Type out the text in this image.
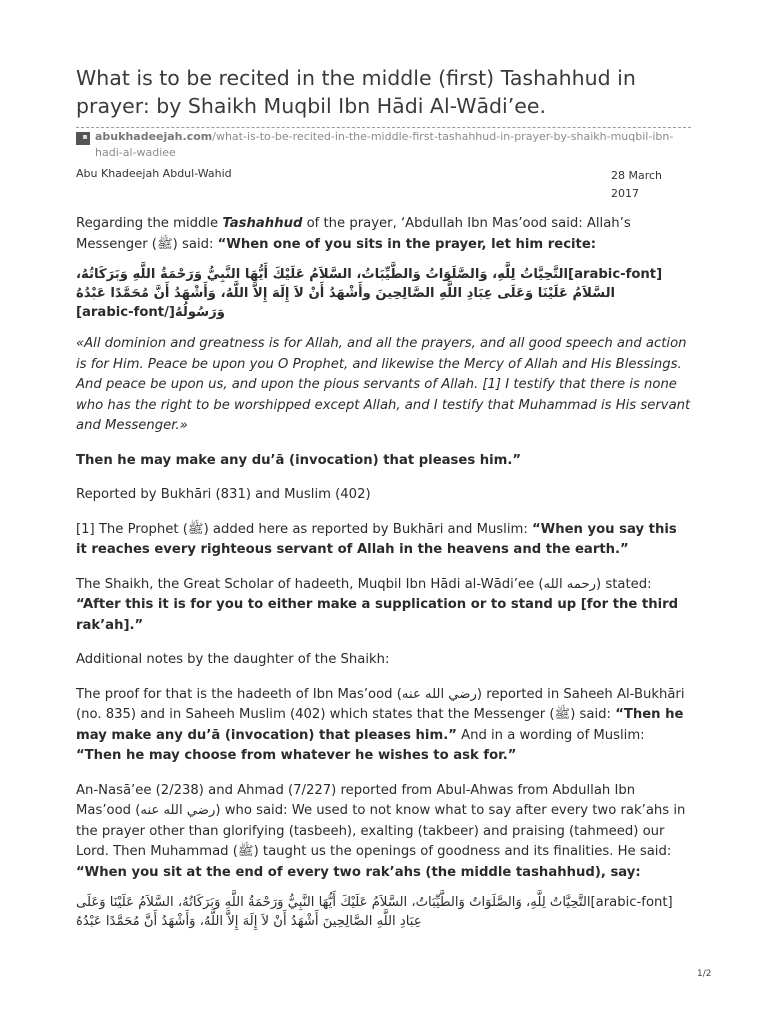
What is to be recited in the middle (first) Tashahhud in prayer: by Shaikh Muqbil Ibn Hādi Al-Wādi’ee.
abukhadeejah.com/what-is-to-be-recited-in-the-middle-first-tashahhud-in-prayer-by-shaikh-muqbil-ibn-hadi-al-wadiee
Abu Khadeejah Abdul-Wahid	28 March 2017

Regarding the middle Tashahhud of the prayer, ‘Abdullah Ibn Mas’ood said: Allah’s Messenger (ﷺ) said: “When one of you sits in the prayer, let him recite:

[arabic-font]التَّحِيَّاتُ لِلَّهِ، وَالصَّلَوَاتُ وَالطَّيِّبَاتُ، السَّلاَمُ عَلَيْكَ أَيُّهَا النَّبِيُّ وَرَحْمَةُ اللَّهِ وَبَرَكَاتُهُ، السَّلاَمُ عَلَيْنَا وَعَلَى عِبَادِ اللَّهِ الصَّالِحِينَ وأَشْهَدُ أَنْ لاَ إِلَهَ إِلاَّ اللَّهُ، وَأَشْهَدُ أَنَّ مُحَمَّدًا عَبْدُهُ وَرَسُولُهُ[/arabic-font]

«All dominion and greatness is for Allah, and all the prayers, and all good speech and action is for Him. Peace be upon you O Prophet, and likewise the Mercy of Allah and His Blessings. And peace be upon us, and upon the pious servants of Allah. [1] I testify that there is none who has the right to be worshipped except Allah, and I testify that Muhammad is His servant and Messenger.»

Then he may make any du’ā (invocation) that pleases him.”

Reported by Bukhāri (831) and Muslim (402)

[1] The Prophet (ﷺ) added here as reported by Bukhāri and Muslim: “When you say this it reaches every righteous servant of Allah in the heavens and the earth.”

The Shaikh, the Great Scholar of hadeeth, Muqbil Ibn Hādi al-Wādi’ee (رحمه الله) stated: “After this it is for you to either make a supplication or to stand up [for the third rak’ah].”

Additional notes by the daughter of the Shaikh:

The proof for that is the hadeeth of Ibn Mas’ood (رضي الله عنه) reported in Saheeh Al-Bukhāri (no. 835) and in Saheeh Muslim (402) which states that the Messenger (ﷺ) said: “Then he may make any du’ā (invocation) that pleases him.” And in a wording of Muslim: “Then he may choose from whatever he wishes to ask for.”

An-Nasā’ee (2/238) and Ahmad (7/227) reported from Abul-Ahwas from Abdullah Ibn Mas’ood (رضي الله عنه) who said: We used to not know what to say after every two rak’ahs in the prayer other than glorifying (tasbeeh), exalting (takbeer) and praising (tahmeed) our Lord. Then Muhammad (ﷺ) taught us the openings of goodness and its finalities. He said: “When you sit at the end of every two rak’ahs (the middle tashahhud), say:

[arabic-font]التَّحِيَّاتُ لِلَّهِ، وَالصَّلَوَاتُ وَالطَّيِّبَاتُ، السَّلاَمُ عَلَيْكَ أَيُّهَا النَّبِيُّ وَرَحْمَةُ اللَّهِ وَبَرَكَاتُهُ، السَّلاَمُ عَلَيْنَا وَعَلَى عِبَادِ اللَّهِ الصَّالِحِينَ أَشْهَدُ أَنْ لاَ إِلَهَ إِلاَّ اللَّهُ، وَأَشْهَدُ أَنَّ مُحَمَّدًا عَبْدُهُ

1/2
